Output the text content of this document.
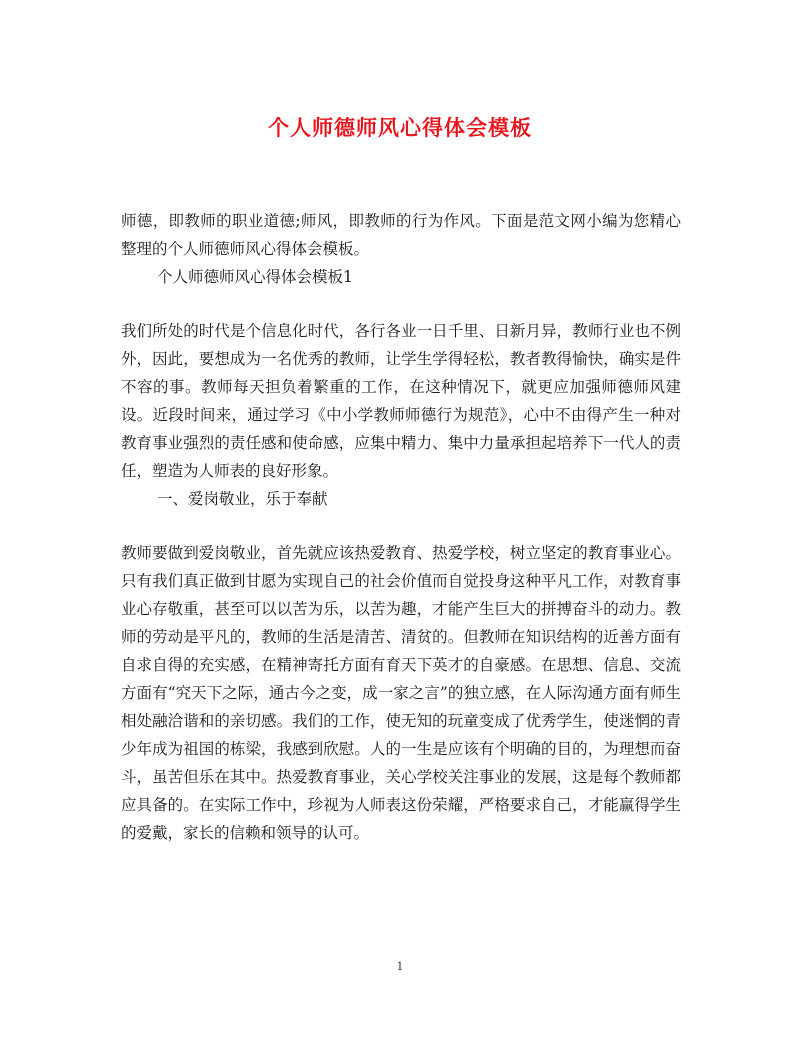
个人师德师风心得体会模板

师德，即教师的职业道德;师风，即教师的行为作风。下面是范文网小编为您精心整理的个人师德师风心得体会模板。

个人师德师风心得体会模板1

我们所处的时代是个信息化时代，各行各业一日千里、日新月异，教师行业也不例外，因此，要想成为一名优秀的教师，让学生学得轻松，教者教得愉快，确实是件不容的事。教师每天担负着繁重的工作，在这种情况下，就更应加强师德师风建设。近段时间来，通过学习《中小学教师师德行为规范》，心中不由得产生一种对教育事业强烈的责任感和使命感，应集中精力、集中力量承担起培养下一代人的责任，塑造为人师表的良好形象。

一、爱岗敬业，乐于奉献

教师要做到爱岗敬业，首先就应该热爱教育、热爱学校，树立坚定的教育事业心。只有我们真正做到甘愿为实现自己的社会价值而自觉投身这种平凡工作，对教育事业心存敬重，甚至可以以苦为乐，以苦为趣，才能产生巨大的拼搏奋斗的动力。教师的劳动是平凡的，教师的生活是清苦、清贫的。但教师在知识结构的近善方面有自求自得的充实感，在精神寄托方面有育天下英才的自豪感。在思想、信息、交流方面有“究天下之际，通古今之变，成一家之言”的独立感，在人际沟通方面有师生相处融洽谐和的亲切感。我们的工作，使无知的玩童变成了优秀学生，使迷惘的青少年成为祖国的栋梁，我感到欣慰。人的一生是应该有个明确的目的，为理想而奋斗，虽苦但乐在其中。热爱教育事业，关心学校关注事业的发展，这是每个教师都应具备的。在实际工作中，珍视为人师表这份荣耀，严格要求自己，才能赢得学生的爱戴，家长的信赖和领导的认可。

1
